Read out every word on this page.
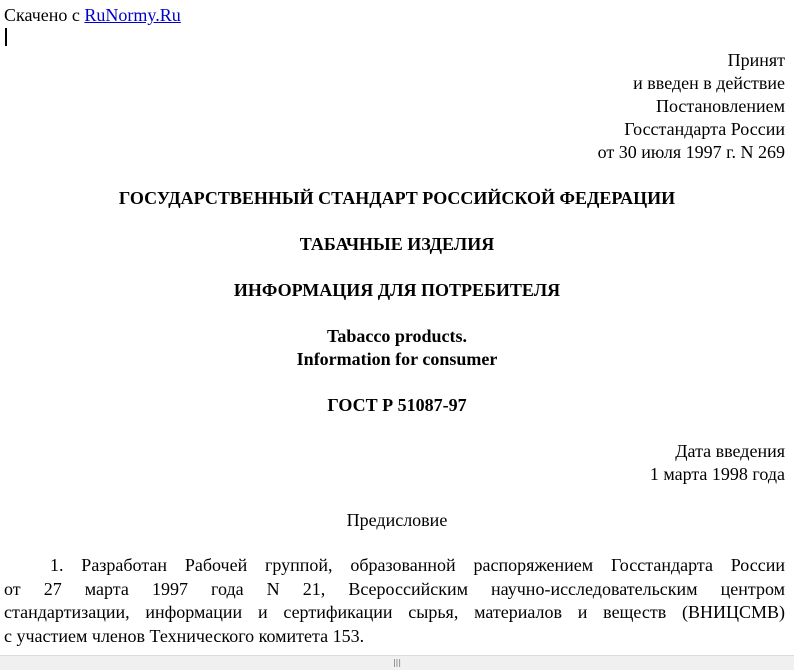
Скачено с RuNormy.Ru
Принят
и введен в действие
Постановлением
Госстандарта России
от 30 июля 1997 г. N 269
ГОСУДАРСТВЕННЫЙ СТАНДАРТ РОССИЙСКОЙ ФЕДЕРАЦИИ
ТАБАЧНЫЕ ИЗДЕЛИЯ
ИНФОРМАЦИЯ ДЛЯ ПОТРЕБИТЕЛЯ
Tabacco products.
Information for consumer
ГОСТ Р 51087-97
Дата введения
1 марта 1998 года
Предисловие
1. Разработан Рабочей группой, образованной распоряжением Госстандарта России
от 27 марта 1997 года N 21, Всероссийским научно-исследовательским центром
стандартизации, информации и сертификации сырья, материалов и веществ (ВНИЦСМВ)
с участием членов Технического комитета 153.
|||
